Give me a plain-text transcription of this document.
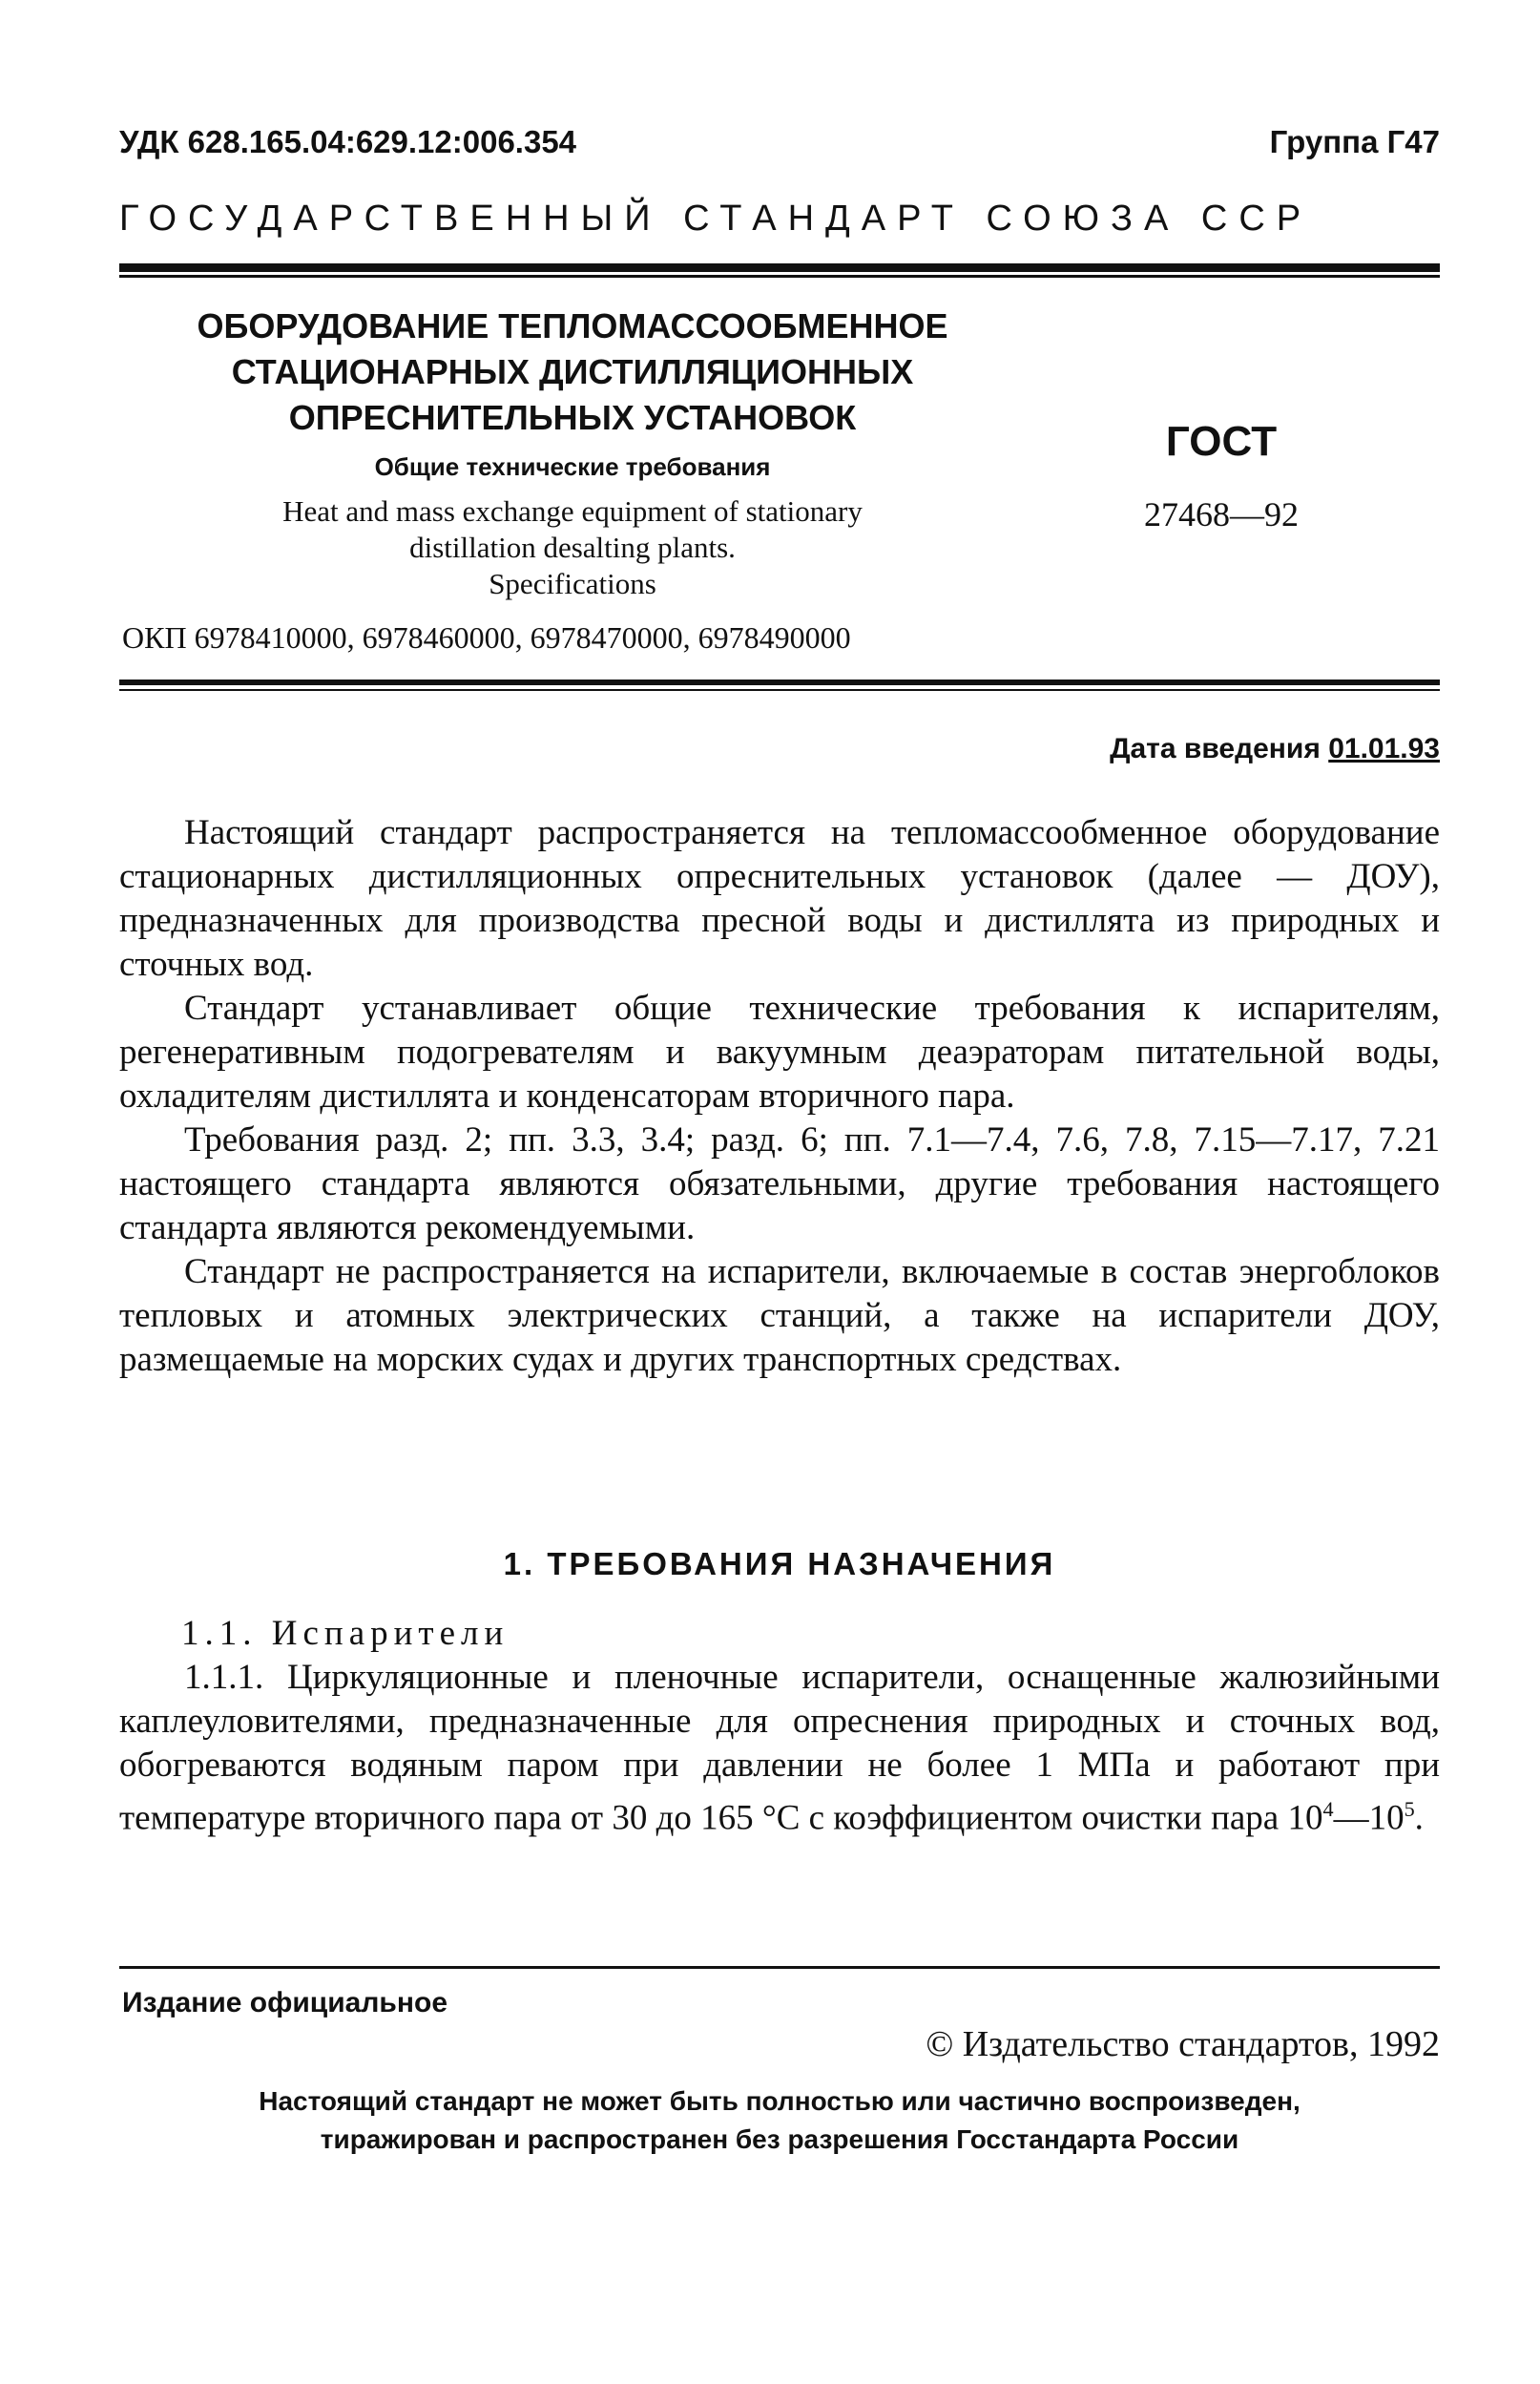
УДК 628.165.04:629.12:006.354	Группа Г47
ГОСУДАРСТВЕННЫЙ СТАНДАРТ СОЮЗА ССР
ОБОРУДОВАНИЕ ТЕПЛОМАССООБМЕННОЕ
СТАЦИОНАРНЫХ ДИСТИЛЛЯЦИОННЫХ
ОПРЕСНИТЕЛЬНЫХ УСТАНОВОК
Общие технические требования
Heat and mass exchange equipment of stationary
distillation desalting plants.
Specifications
ГОСТ
27468—92
ОКП 6978410000, 6978460000, 6978470000, 6978490000
Дата введения 01.01.93

Настоящий стандарт распространяется на тепломассообменное оборудование стационарных дистилляционных опреснительных установок (далее — ДОУ), предназначенных для производства пресной воды и дистиллята из природных и сточных вод.

Стандарт устанавливает общие технические требования к испарителям, регенеративным подогревателям и вакуумным деаэраторам питательной воды, охладителям дистиллята и конденсаторам вторичного пара.

Требования разд. 2; пп. 3.3, 3.4; разд. 6; пп. 7.1—7.4, 7.6, 7.8, 7.15—7.17, 7.21 настоящего стандарта являются обязательными, другие требования настоящего стандарта являются рекомендуемыми.

Стандарт не распространяется на испарители, включаемые в состав энергоблоков тепловых и атомных электрических станций, а также на испарители ДОУ, размещаемые на морских судах и других транспортных средствах.

1. ТРЕБОВАНИЯ НАЗНАЧЕНИЯ
1.1. Испарители

1.1.1. Циркуляционные и пленочные испарители, оснащенные жалюзийными каплеуловителями, предназначенные для опреснения природных и сточных вод, обогреваются водяным паром при давлении не более 1 МПа и работают при температуре вторичного пара от 30 до 165 °С с коэффициентом очистки пара $10^4—10^5$.

Издание официальное
© Издательство стандартов, 1992
Настоящий стандарт не может быть полностью или частично воспроизведен,
тиражирован и распространен без разрешения Госстандарта России
